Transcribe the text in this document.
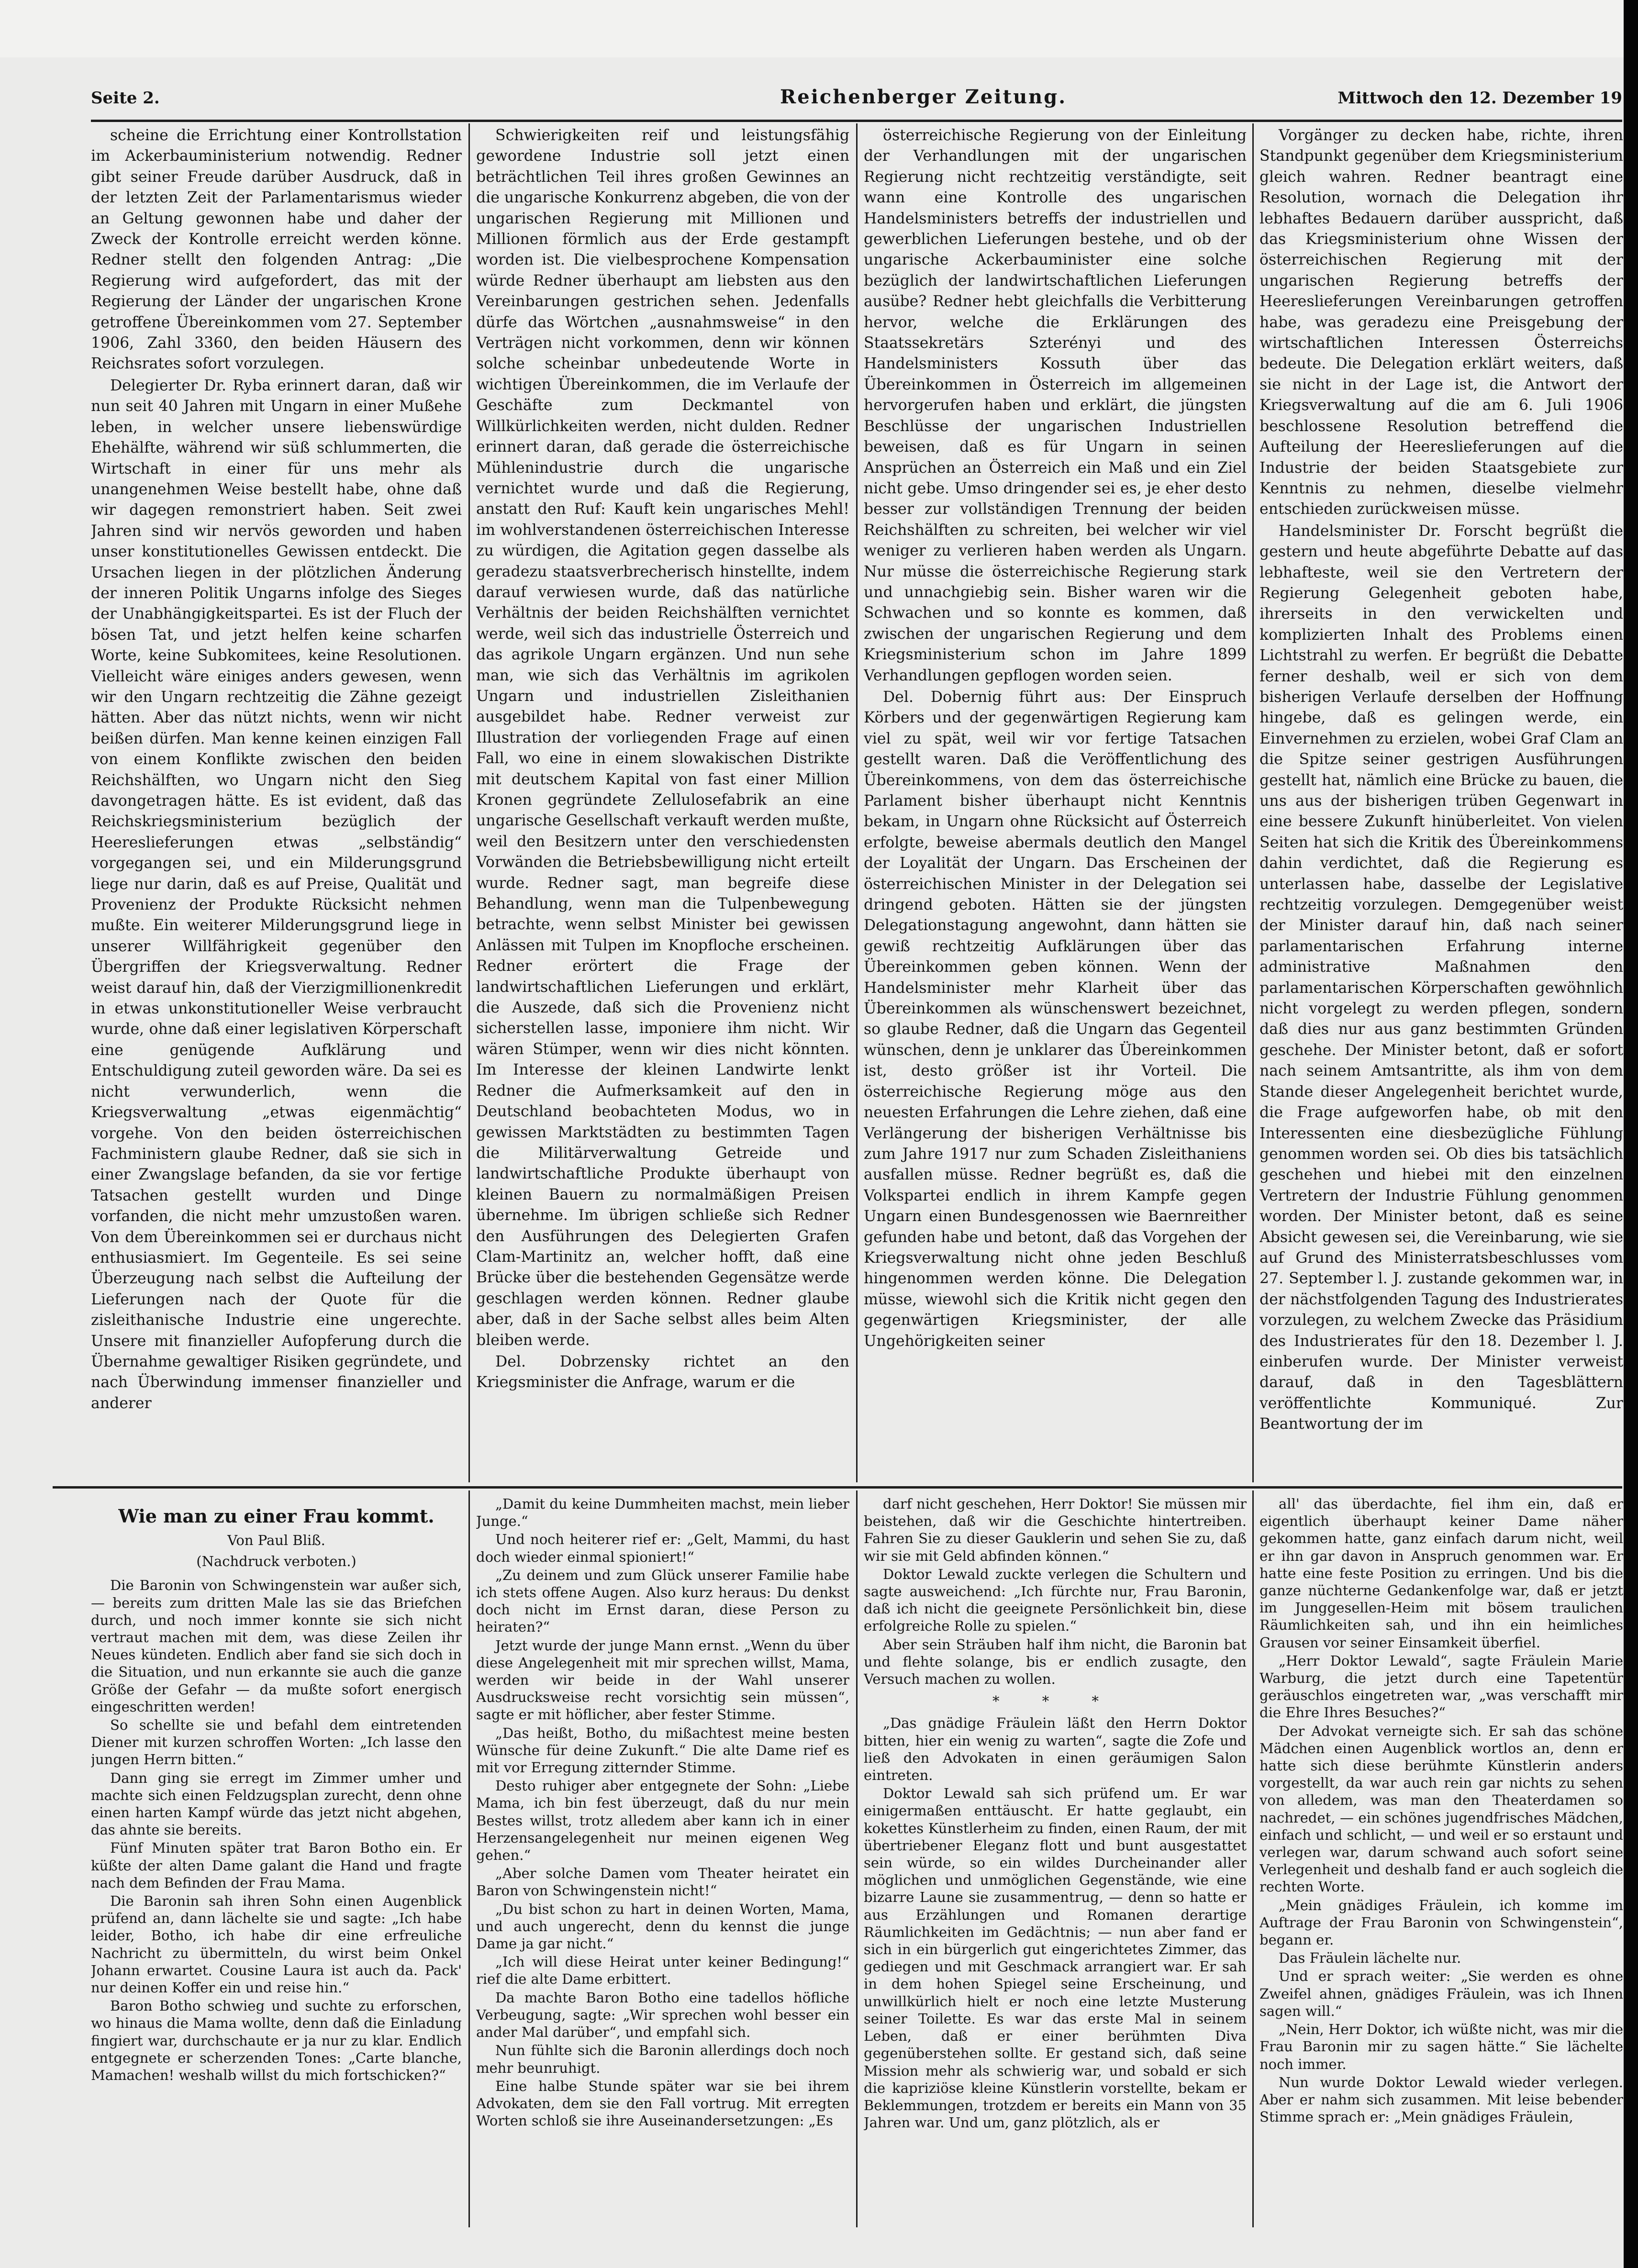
Seite 2.	Reichenberger Zeitung.	Mittwoch den 12. Dezember 19

scheine die Errichtung einer Kontrollstation im Ackerbauministerium notwendig. Redner gibt seiner Freude darüber Ausdruck, daß in der letzten Zeit der Parlamentarismus wieder an Geltung gewonnen habe und daher der Zweck der Kontrolle erreicht werden könne. Redner stellt den folgenden Antrag: „Die Regierung wird aufgefordert, das mit der Regierung der Länder der ungarischen Krone getroffene Übereinkommen vom 27. September 1906, Zahl 3360, den beiden Häusern des Reichsrates sofort vorzulegen.

Delegierter Dr. Ryba erinnert daran, daß wir nun seit 40 Jahren mit Ungarn in einer Mußehe leben, in welcher unsere liebenswürdige Ehehälfte, während wir süß schlummerten, die Wirtschaft in einer für uns mehr als unangenehmen Weise bestellt habe, ohne daß wir dagegen remonstriert haben. Seit zwei Jahren sind wir nervös geworden und haben unser konstitutionelles Gewissen entdeckt. Die Ursachen liegen in der plötzlichen Änderung der inneren Politik Ungarns infolge des Sieges der Unabhängigkeitspartei. Es ist der Fluch der bösen Tat, und jetzt helfen keine scharfen Worte, keine Subkomitees, keine Resolutionen. Vielleicht wäre einiges anders gewesen, wenn wir den Ungarn rechtzeitig die Zähne gezeigt hätten. Aber das nützt nichts, wenn wir nicht beißen dürfen. Man kenne keinen einzigen Fall von einem Konflikte zwischen den beiden Reichshälften, wo Ungarn nicht den Sieg davongetragen hätte. Es ist evident, daß das Reichskriegsministerium bezüglich der Heereslieferungen etwas „selbständig“ vorgegangen sei, und ein Milderungsgrund liege nur darin, daß es auf Preise, Qualität und Provenienz der Produkte Rücksicht nehmen mußte. Ein weiterer Milderungsgrund liege in unserer Willfährigkeit gegenüber den Übergriffen der Kriegsverwaltung. Redner weist darauf hin, daß der Vierzigmillionenkredit in etwas unkonstitutioneller Weise verbraucht wurde, ohne daß einer legislativen Körperschaft eine genügende Aufklärung und Entschuldigung zuteil geworden wäre. Da sei es nicht verwunderlich, wenn die Kriegsverwaltung „etwas eigenmächtig“ vorgehe. Von den beiden österreichischen Fachministern glaube Redner, daß sie sich in einer Zwangslage befanden, da sie vor fertige Tatsachen gestellt wurden und Dinge vorfanden, die nicht mehr umzustoßen waren. Von dem Übereinkommen sei er durchaus nicht enthusiasmiert. Im Gegenteile. Es sei seine Überzeugung nach selbst die Aufteilung der Lieferungen nach der Quote für die zisleithanische Industrie eine ungerechte. Unsere mit finanzieller Aufopferung durch die Übernahme gewaltiger Risiken gegründete, und nach Überwindung immenser finanzieller und anderer

Schwierigkeiten reif und leistungsfähig gewordene Industrie soll jetzt einen beträchtlichen Teil ihres großen Gewinnes an die ungarische Konkurrenz abgeben, die von der ungarischen Regierung mit Millionen und Millionen förmlich aus der Erde gestampft worden ist. Die vielbesprochene Kompensation würde Redner überhaupt am liebsten aus den Vereinbarungen gestrichen sehen. Jedenfalls dürfe das Wörtchen „ausnahmsweise“ in den Verträgen nicht vorkommen, denn wir können solche scheinbar unbedeutende Worte in wichtigen Übereinkommen, die im Verlaufe der Geschäfte zum Deckmantel von Willkürlichkeiten werden, nicht dulden. Redner erinnert daran, daß gerade die österreichische Mühlenindustrie durch die ungarische vernichtet wurde und daß die Regierung, anstatt den Ruf: Kauft kein ungarisches Mehl! im wohlverstandenen österreichischen Interesse zu würdigen, die Agitation gegen dasselbe als geradezu staatsverbrecherisch hinstellte, indem darauf verwiesen wurde, daß das natürliche Verhältnis der beiden Reichshälften vernichtet werde, weil sich das industrielle Österreich und das agrikole Ungarn ergänzen. Und nun sehe man, wie sich das Verhältnis im agrikolen Ungarn und industriellen Zisleithanien ausgebildet habe. Redner verweist zur Illustration der vorliegenden Frage auf einen Fall, wo eine in einem slowakischen Distrikte mit deutschem Kapital von fast einer Million Kronen gegründete Zellulosefabrik an eine ungarische Gesellschaft verkauft werden mußte, weil den Besitzern unter den verschiedensten Vorwänden die Betriebsbewilligung nicht erteilt wurde. Redner sagt, man begreife diese Behandlung, wenn man die Tulpenbewegung betrachte, wenn selbst Minister bei gewissen Anlässen mit Tulpen im Knopfloche erscheinen. Redner erörtert die Frage der landwirtschaftlichen Lieferungen und erklärt, die Auszede, daß sich die Provenienz nicht sicherstellen lasse, imponiere ihm nicht. Wir wären Stümper, wenn wir dies nicht könnten. Im Interesse der kleinen Landwirte lenkt Redner die Aufmerksamkeit auf den in Deutschland beobachteten Modus, wo in gewissen Marktstädten zu bestimmten Tagen die Militärverwaltung Getreide und landwirtschaftliche Produkte überhaupt von kleinen Bauern zu normalmäßigen Preisen übernehme. Im übrigen schließe sich Redner den Ausführungen des Delegierten Grafen Clam-Martinitz an, welcher hofft, daß eine Brücke über die bestehenden Gegensätze werde geschlagen werden können. Redner glaube aber, daß in der Sache selbst alles beim Alten bleiben werde.

Del. Dobrzensky richtet an den Kriegsminister die Anfrage, warum er die

österreichische Regierung von der Einleitung der Verhandlungen mit der ungarischen Regierung nicht rechtzeitig verständigte, seit wann eine Kontrolle des ungarischen Handelsministers betreffs der industriellen und gewerblichen Lieferungen bestehe, und ob der ungarische Ackerbauminister eine solche bezüglich der landwirtschaftlichen Lieferungen ausübe? Redner hebt gleichfalls die Verbitterung hervor, welche die Erklärungen des Staatssekretärs Szterényi und des Handelsministers Kossuth über das Übereinkommen in Österreich im allgemeinen hervorgerufen haben und erklärt, die jüngsten Beschlüsse der ungarischen Industriellen beweisen, daß es für Ungarn in seinen Ansprüchen an Österreich ein Maß und ein Ziel nicht gebe. Umso dringender sei es, je eher desto besser zur vollständigen Trennung der beiden Reichshälften zu schreiten, bei welcher wir viel weniger zu verlieren haben werden als Ungarn. Nur müsse die österreichische Regierung stark und unnachgiebig sein. Bisher waren wir die Schwachen und so konnte es kommen, daß zwischen der ungarischen Regierung und dem Kriegsministerium schon im Jahre 1899 Verhandlungen gepflogen worden seien.

Del. Dobernig führt aus: Der Einspruch Körbers und der gegenwärtigen Regierung kam viel zu spät, weil wir vor fertige Tatsachen gestellt waren. Daß die Veröffentlichung des Übereinkommens, von dem das österreichische Parlament bisher überhaupt nicht Kenntnis bekam, in Ungarn ohne Rücksicht auf Österreich erfolgte, beweise abermals deutlich den Mangel der Loyalität der Ungarn. Das Erscheinen der österreichischen Minister in der Delegation sei dringend geboten. Hätten sie der jüngsten Delegationstagung angewohnt, dann hätten sie gewiß rechtzeitig Aufklärungen über das Übereinkommen geben können. Wenn der Handelsminister mehr Klarheit über das Übereinkommen als wünschenswert bezeichnet, so glaube Redner, daß die Ungarn das Gegenteil wünschen, denn je unklarer das Übereinkommen ist, desto größer ist ihr Vorteil. Die österreichische Regierung möge aus den neuesten Erfahrungen die Lehre ziehen, daß eine Verlängerung der bisherigen Verhältnisse bis zum Jahre 1917 nur zum Schaden Zisleithaniens ausfallen müsse. Redner begrüßt es, daß die Volkspartei endlich in ihrem Kampfe gegen Ungarn einen Bundesgenossen wie Baernreither gefunden habe und betont, daß das Vorgehen der Kriegsverwaltung nicht ohne jeden Beschluß hingenommen werden könne. Die Delegation müsse, wiewohl sich die Kritik nicht gegen den gegenwärtigen Kriegsminister, der alle Ungehörigkeiten seiner

Vorgänger zu decken habe, richte, ihren Standpunkt gegenüber dem Kriegsministerium gleich wahren. Redner beantragt eine Resolution, wornach die Delegation ihr lebhaftes Bedauern darüber ausspricht, daß das Kriegsministerium ohne Wissen der österreichischen Regierung mit der ungarischen Regierung betreffs der Heereslieferungen Vereinbarungen getroffen habe, was geradezu eine Preisgebung der wirtschaftlichen Interessen Österreichs bedeute. Die Delegation erklärt weiters, daß sie nicht in der Lage ist, die Antwort der Kriegsverwaltung auf die am 6. Juli 1906 beschlossene Resolution betreffend die Aufteilung der Heereslieferungen auf die Industrie der beiden Staatsgebiete zur Kenntnis zu nehmen, dieselbe vielmehr entschieden zurückweisen müsse.

Handelsminister Dr. Forscht begrüßt die gestern und heute abgeführte Debatte auf das lebhafteste, weil sie den Vertretern der Regierung Gelegenheit geboten habe, ihrerseits in den verwickelten und komplizierten Inhalt des Problems einen Lichtstrahl zu werfen. Er begrüßt die Debatte ferner deshalb, weil er sich von dem bisherigen Verlaufe derselben der Hoffnung hingebe, daß es gelingen werde, ein Einvernehmen zu erzielen, wobei Graf Clam an die Spitze seiner gestrigen Ausführungen gestellt hat, nämlich eine Brücke zu bauen, die uns aus der bisherigen trüben Gegenwart in eine bessere Zukunft hinüberleitet. Von vielen Seiten hat sich die Kritik des Übereinkommens dahin verdichtet, daß die Regierung es unterlassen habe, dasselbe der Legislative rechtzeitig vorzulegen. Demgegenüber weist der Minister darauf hin, daß nach seiner parlamentarischen Erfahrung interne administrative Maßnahmen den parlamentarischen Körperschaften gewöhnlich nicht vorgelegt zu werden pflegen, sondern daß dies nur aus ganz bestimmten Gründen geschehe. Der Minister betont, daß er sofort nach seinem Amtsantritte, als ihm von dem Stande dieser Angelegenheit berichtet wurde, die Frage aufgeworfen habe, ob mit den Interessenten eine diesbezügliche Fühlung genommen worden sei. Ob dies bis tatsächlich geschehen und hiebei mit den einzelnen Vertretern der Industrie Fühlung genommen worden. Der Minister betont, daß es seine Absicht gewesen sei, die Vereinbarung, wie sie auf Grund des Ministerratsbeschlusses vom 27. September l. J. zustande gekommen war, in der nächstfolgenden Tagung des Industrierates vorzulegen, zu welchem Zwecke das Präsidium des Industrierates für den 18. Dezember l. J. einberufen wurde. Der Minister verweist darauf, daß in den Tagesblättern veröffentlichte Kommuniqué. Zur Beantwortung der im

Wie man zu einer Frau kommt.

Von Paul Bliß.

(Nachdruck verboten.)

Die Baronin von Schwingenstein war außer sich, — bereits zum dritten Male las sie das Briefchen durch, und noch immer konnte sie sich nicht vertraut machen mit dem, was diese Zeilen ihr Neues kündeten. Endlich aber fand sie sich doch in die Situation, und nun erkannte sie auch die ganze Größe der Gefahr — da mußte sofort energisch eingeschritten werden!

So schellte sie und befahl dem eintretenden Diener mit kurzen schroffen Worten: „Ich lasse den jungen Herrn bitten.“

Dann ging sie erregt im Zimmer umher und machte sich einen Feldzugsplan zurecht, denn ohne einen harten Kampf würde das jetzt nicht abgehen, das ahnte sie bereits.

Fünf Minuten später trat Baron Botho ein. Er küßte der alten Dame galant die Hand und fragte nach dem Befinden der Frau Mama.

Die Baronin sah ihren Sohn einen Augenblick prüfend an, dann lächelte sie und sagte: „Ich habe leider, Botho, ich habe dir eine erfreuliche Nachricht zu übermitteln, du wirst beim Onkel Johann erwartet. Cousine Laura ist auch da. Pack' nur deinen Koffer ein und reise hin.“

Baron Botho schwieg und suchte zu erforschen, wo hinaus die Mama wollte, denn daß die Einladung fingiert war, durchschaute er ja nur zu klar. Endlich entgegnete er scherzenden Tones: „Carte blanche, Mamachen! weshalb willst du mich fortschicken?“

„Damit du keine Dummheiten machst, mein lieber Junge.“

Und noch heiterer rief er: „Gelt, Mammi, du hast doch wieder einmal spioniert!“

„Zu deinem und zum Glück unserer Familie habe ich stets offene Augen. Also kurz heraus: Du denkst doch nicht im Ernst daran, diese Person zu heiraten?“

Jetzt wurde der junge Mann ernst. „Wenn du über diese Angelegenheit mit mir sprechen willst, Mama, werden wir beide in der Wahl unserer Ausdrucksweise recht vorsichtig sein müssen“, sagte er mit höflicher, aber fester Stimme.

„Das heißt, Botho, du mißachtest meine besten Wünsche für deine Zukunft.“ Die alte Dame rief es mit vor Erregung zitternder Stimme.

Desto ruhiger aber entgegnete der Sohn: „Liebe Mama, ich bin fest überzeugt, daß du nur mein Bestes willst, trotz alledem aber kann ich in einer Herzensangelegenheit nur meinen eigenen Weg gehen.“

„Aber solche Damen vom Theater heiratet ein Baron von Schwingenstein nicht!“

„Du bist schon zu hart in deinen Worten, Mama, und auch ungerecht, denn du kennst die junge Dame ja gar nicht.“

„Ich will diese Heirat unter keiner Bedingung!“ rief die alte Dame erbittert.

Da machte Baron Botho eine tadellos höfliche Verbeugung, sagte: „Wir sprechen wohl besser ein ander Mal darüber“, und empfahl sich.

Nun fühlte sich die Baronin allerdings doch noch mehr beunruhigt.

Eine halbe Stunde später war sie bei ihrem Advokaten, dem sie den Fall vortrug. Mit erregten Worten schloß sie ihre Auseinandersetzungen: „Es

darf nicht geschehen, Herr Doktor! Sie müssen mir beistehen, daß wir die Geschichte hintertreiben. Fahren Sie zu dieser Gauklerin und sehen Sie zu, daß wir sie mit Geld abfinden können.“

Doktor Lewald zuckte verlegen die Schultern und sagte ausweichend: „Ich fürchte nur, Frau Baronin, daß ich nicht die geeignete Persönlichkeit bin, diese erfolgreiche Rolle zu spielen.“

Aber sein Sträuben half ihm nicht, die Baronin bat und flehte solange, bis er endlich zusagte, den Versuch machen zu wollen.

* * *

„Das gnädige Fräulein läßt den Herrn Doktor bitten, hier ein wenig zu warten“, sagte die Zofe und ließ den Advokaten in einen geräumigen Salon eintreten.

Doktor Lewald sah sich prüfend um. Er war einigermaßen enttäuscht. Er hatte geglaubt, ein kokettes Künstlerheim zu finden, einen Raum, der mit übertriebener Eleganz flott und bunt ausgestattet sein würde, so ein wildes Durcheinander aller möglichen und unmöglichen Gegenstände, wie eine bizarre Laune sie zusammentrug, — denn so hatte er aus Erzählungen und Romanen derartige Räumlichkeiten im Gedächtnis; — nun aber fand er sich in ein bürgerlich gut eingerichtetes Zimmer, das gediegen und mit Geschmack arrangiert war. Er sah in dem hohen Spiegel seine Erscheinung, und unwillkürlich hielt er noch eine letzte Musterung seiner Toilette. Es war das erste Mal in seinem Leben, daß er einer berühmten Diva gegenüberstehen sollte. Er gestand sich, daß seine Mission mehr als schwierig war, und sobald er sich die kapriziöse kleine Künstlerin vorstellte, bekam er Beklemmungen, trotzdem er bereits ein Mann von 35 Jahren war. Und um, ganz plötzlich, als er

all' das überdachte, fiel ihm ein, daß er eigentlich überhaupt keiner Dame näher gekommen hatte, ganz einfach darum nicht, weil er ihn gar davon in Anspruch genommen war. Er hatte eine feste Position zu erringen. Und bis die ganze nüchterne Gedankenfolge war, daß er jetzt im Junggesellen-Heim mit bösem traulichen Räumlichkeiten sah, und ihn ein heimliches Grausen vor seiner Einsamkeit überfiel.

„Herr Doktor Lewald“, sagte Fräulein Marie Warburg, die jetzt durch eine Tapetentür geräuschlos eingetreten war, „was verschafft mir die Ehre Ihres Besuches?“

Der Advokat verneigte sich. Er sah das schöne Mädchen einen Augenblick wortlos an, denn er hatte sich diese berühmte Künstlerin anders vorgestellt, da war auch rein gar nichts zu sehen von alledem, was man den Theaterdamen so nachredet, — ein schönes jugendfrisches Mädchen, einfach und schlicht, — und weil er so erstaunt und verlegen war, darum schwand auch sofort seine Verlegenheit und deshalb fand er auch sogleich die rechten Worte.

„Mein gnädiges Fräulein, ich komme im Auftrage der Frau Baronin von Schwingenstein“, begann er.

Das Fräulein lächelte nur.

Und er sprach weiter: „Sie werden es ohne Zweifel ahnen, gnädiges Fräulein, was ich Ihnen sagen will.“

„Nein, Herr Doktor, ich wüßte nicht, was mir die Frau Baronin mir zu sagen hätte.“ Sie lächelte noch immer.

Nun wurde Doktor Lewald wieder verlegen. Aber er nahm sich zusammen. Mit leise bebender Stimme sprach er: „Mein gnädiges Fräulein,
